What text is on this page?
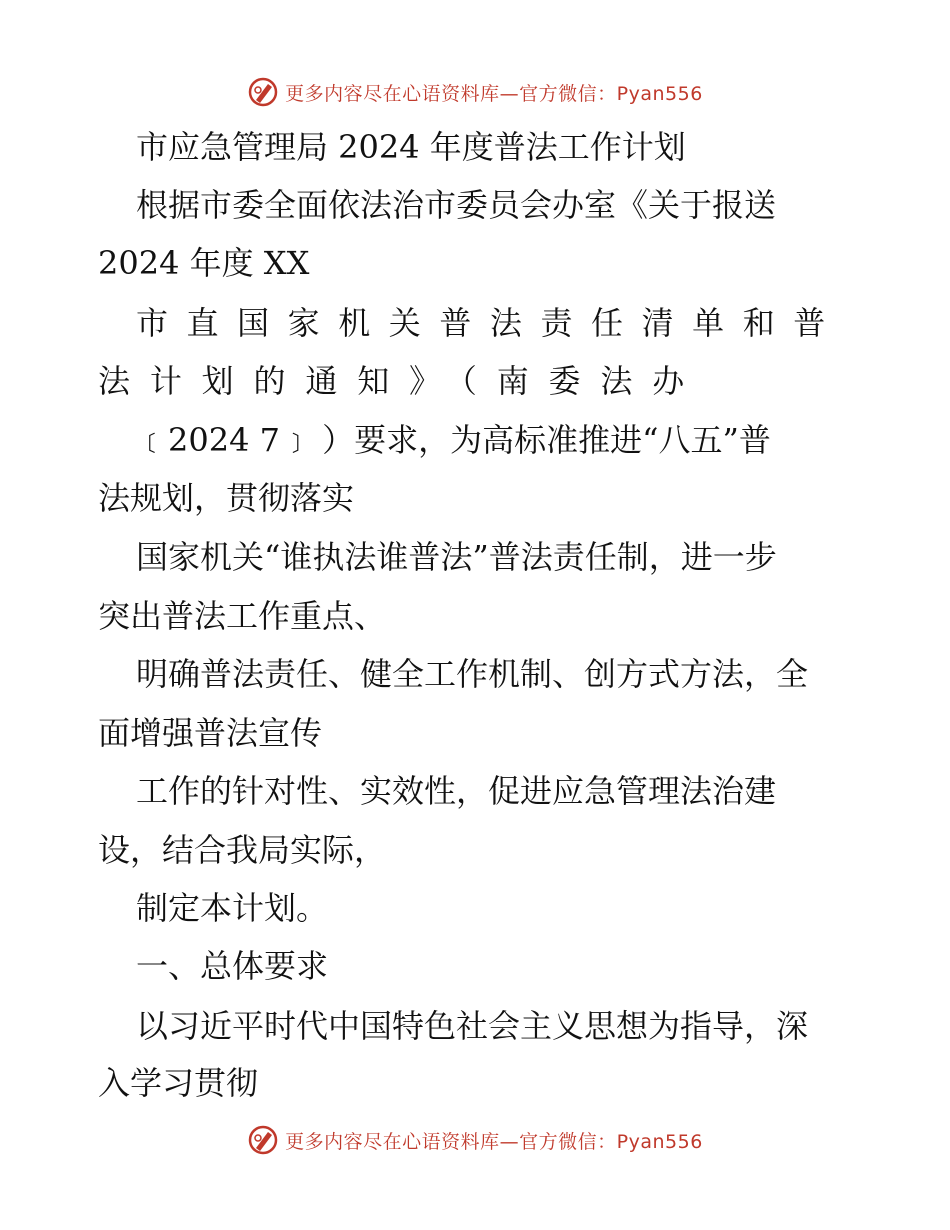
更多内容尽在心语资料库—官方微信：Pyan556
市应急管理局 2024 年度普法工作计划
根据市委全面依法治市委员会办室《关于报送
2024 年度 XX
市直国家机关普法责任清单和普
法计划的通知》（南委法办
﹝2024 7﹞ ）要求，为高标准推进“八五”普
法规划，贯彻落实
国家机关“谁执法谁普法”普法责任制，进一步
突出普法工作重点、
明确普法责任、健全工作机制、创方式方法，全
面增强普法宣传
工作的针对性、实效性，促进应急管理法治建
设，结合我局实际，
制定本计划。
一、总体要求
以习近平时代中国特色社会主义思想为指导，深
入学习贯彻
更多内容尽在心语资料库—官方微信：Pyan556
